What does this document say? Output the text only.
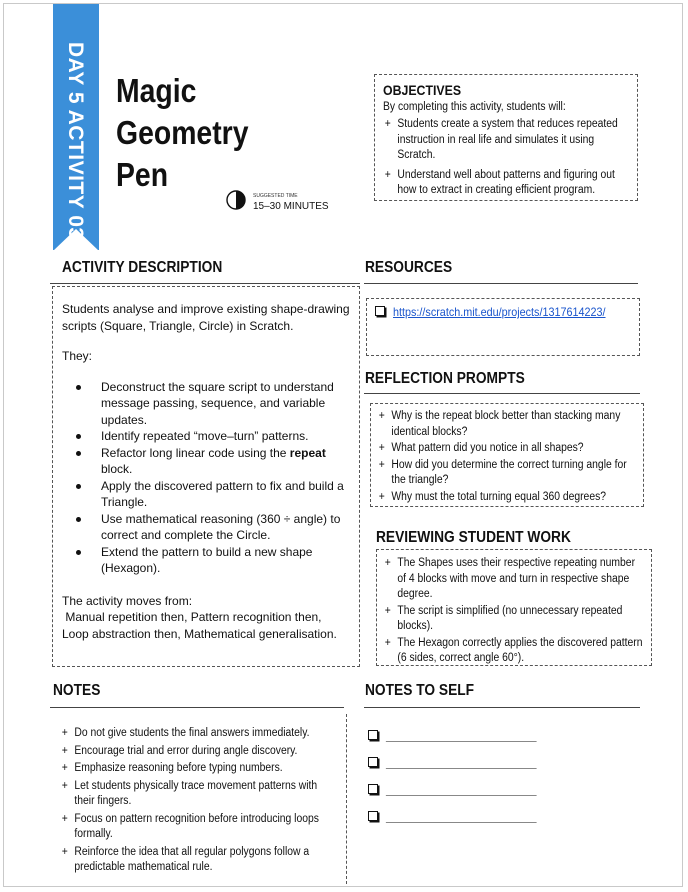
DAY 5 ACTIVITY 03 Magic Geometry
Pen
SUGGESTED TIME
15–30 MINUTES
OBJECTIVES

By completing this activity, students will:

+ Students create a system that reduces repeated instruction in real life and simulates it using Scratch.
+ Understand well about patterns and figuring out how to extract in creating efficient program.
ACTIVITY DESCRIPTION

Students analyse and improve existing shape-drawing scripts (Square, Triangle, Circle) in Scratch.

They:

Deconstruct the square script to understand message passing, sequence, and variable updates.
Identify repeated “move–turn” patterns.
Refactor long linear code using the repeat block.
Apply the discovered pattern to fix and build a Triangle.
Use mathematical reasoning (360 ÷ angle) to correct and complete the Circle.
Extend the pattern to build a new shape (Hexagon).

The activity moves from:

Manual repetition then, Pattern recognition then,

Loop abstraction then, Mathematical generalisation.

RESOURCES
https://scratch.mit.edu/projects/1317614223/
REFLECTION PROMPTS
+ Why is the repeat block better than stacking many identical blocks?
+ What pattern did you notice in all shapes?
+ How did you determine the correct turning angle for the triangle?
+ Why must the total turning equal 360 degrees?
REVIEWING STUDENT WORK
+ The Shapes uses their respective repeating number of 4 blocks with move and turn in respective shape degree.
+ The script is simplified (no unnecessary repeated blocks).
+ The Hexagon correctly applies the discovered pattern (6 sides, correct angle 60°).
NOTES
+ Do not give students the final answers immediately.
+ Encourage trial and error during angle discovery.
+ Emphasize reasoning before typing numbers.
+ Let students physically trace movement patterns with their fingers.
+ Focus on pattern recognition before introducing loops formally.
+ Reinforce the idea that all regular polygons follow a predictable mathematical rule.
NOTES TO SELF
________________________
________________________
________________________
________________________
